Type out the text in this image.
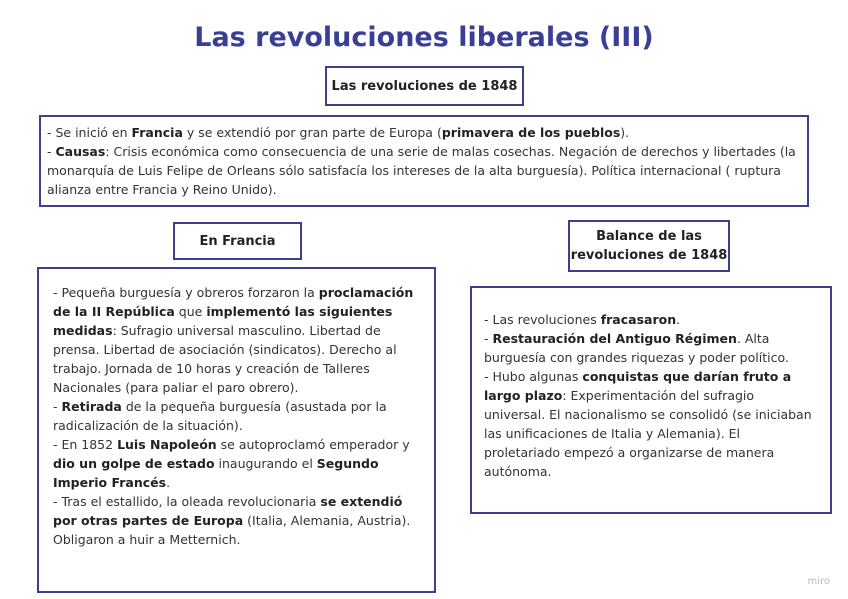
Las revoluciones liberales (III)
Las revoluciones de 1848

- Se inició en Francia y se extendió por gran parte de Europa (primavera de los pueblos).

- Causas: Crisis económica como consecuencia de una serie de malas cosechas. Negación de derechos y libertades (la monarquía de Luis Felipe de Orleans sólo satisfacía los intereses de la alta burguesía). Política internacional ( ruptura alianza entre Francia y Reino Unido).

En Francia	Balance de las revoluciones de 1848

- Pequeña burguesía y obreros forzaron la proclamación de la II República que implementó las siguientes medidas: Sufragio universal masculino. Libertad de prensa. Libertad de asociación (sindicatos). Derecho al trabajo. Jornada de 10 horas y creación de Talleres Nacionales (para paliar el paro obrero).

- Retirada de la pequeña burguesía (asustada por la radicalización de la situación).

- En 1852 Luis Napoleón se autoproclamó emperador y dio un golpe de estado inaugurando el Segundo Imperio Francés.

- Tras el estallido, la oleada revolucionaria se extendió por otras partes de Europa (Italia, Alemania, Austria). Obligaron a huir a Metternich.

- Las revoluciones fracasaron.

- Restauración del Antiguo Régimen. Alta burguesía con grandes riquezas y poder político.

- Hubo algunas conquistas que darían fruto a largo plazo: Experimentación del sufragio universal. El nacionalismo se consolidó (se iniciaban las unificaciones de Italia y Alemania). El proletariado empezó a organizarse de manera autónoma.

miro
